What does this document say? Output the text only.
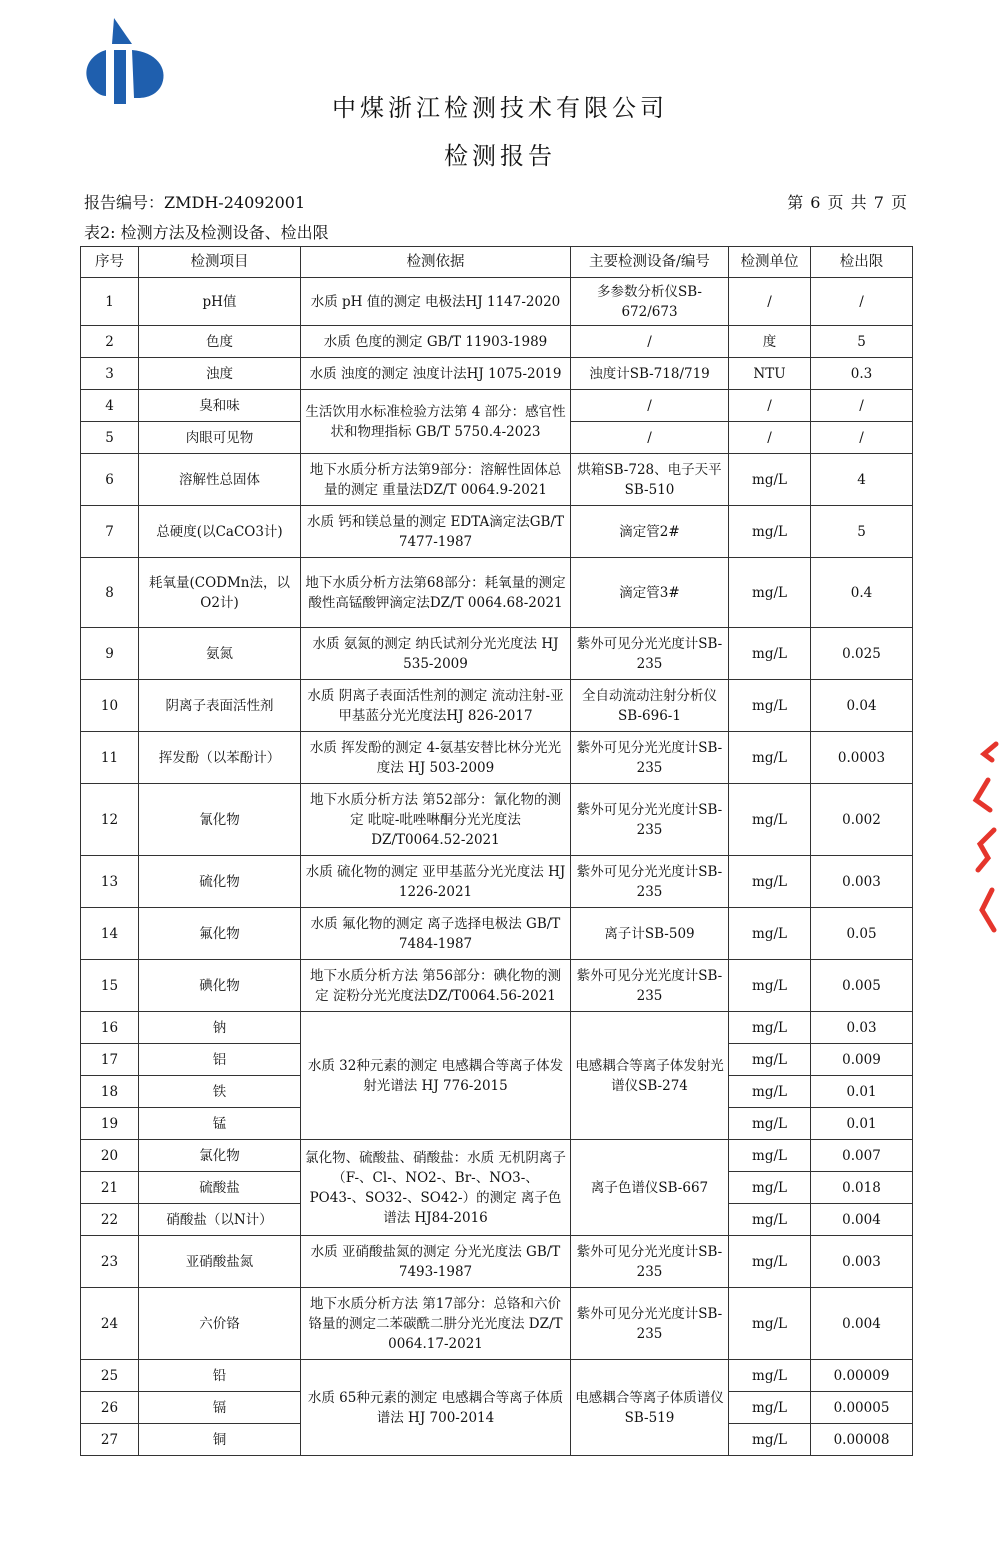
中煤浙江检测技术有限公司
检测报告
报告编号：ZMDH-24092001	第 6 页 共 7 页
表2: 检测方法及检测设备、检出限
序号	检测项目	检测依据	主要检测设备/编号	检测单位	检出限
1	pH值	水质 pH 值的测定 电极法HJ 1147-2020	多参数分析仪SB-672/673	/	/
2	色度	水质 色度的测定 GB/T 11903-1989	/	度	5
3	浊度	水质 浊度的测定 浊度计法HJ 1075-2019	浊度计SB-718/719	NTU	0.3
4	臭和味	生活饮用水标准检验方法第 4 部分：感官性状和物理指标 GB/T 5750.4-2023	/	/	/
5	肉眼可见物		/	/	/
6	溶解性总固体	地下水质分析方法第9部分：溶解性固体总量的测定 重量法DZ/T 0064.9-2021	烘箱SB-728、电子天平SB-510	mg/L	4
7	总硬度(以CaCO3计)	水质 钙和镁总量的测定 EDTA滴定法GB/T 7477-1987	滴定管2#	mg/L	5
8	耗氧量(CODMn法，以O2计)	地下水质分析方法第68部分：耗氧量的测定酸性高锰酸钾滴定法DZ/T 0064.68-2021	滴定管3#	mg/L	0.4
9	氨氮	水质 氨氮的测定 纳氏试剂分光光度法 HJ 535-2009	紫外可见分光光度计SB-235	mg/L	0.025
10	阴离子表面活性剂	水质 阴离子表面活性剂的测定 流动注射-亚甲基蓝分光光度法HJ 826-2017	全自动流动注射分析仪SB-696-1	mg/L	0.04
11	挥发酚（以苯酚计）	水质 挥发酚的测定 4-氨基安替比林分光光度法 HJ 503-2009	紫外可见分光光度计SB-235	mg/L	0.0003
12	氰化物	地下水质分析方法 第52部分：氰化物的测定 吡啶-吡唑啉酮分光光度法 DZ/T0064.52-2021	紫外可见分光光度计SB-235	mg/L	0.002
13	硫化物	水质 硫化物的测定 亚甲基蓝分光光度法 HJ 1226-2021	紫外可见分光光度计SB-235	mg/L	0.003
14	氟化物	水质 氟化物的测定 离子选择电极法 GB/T 7484-1987	离子计SB-509	mg/L	0.05
15	碘化物	地下水质分析方法 第56部分：碘化物的测定 淀粉分光光度法DZ/T0064.56-2021	紫外可见分光光度计SB-235	mg/L	0.005
16	钠	水质 32种元素的测定 电感耦合等离子体发射光谱法 HJ 776-2015	电感耦合等离子体发射光谱仪SB-274	mg/L	0.03
17	铝			mg/L	0.009
18	铁			mg/L	0.01
19	锰			mg/L	0.01
20	氯化物	氯化物、硫酸盐、硝酸盐：水质 无机阴离子（F-、Cl-、NO2-、Br-、NO3-、PO43-、SO32-、SO42-）的测定 离子色谱法 HJ84-2016	离子色谱仪SB-667	mg/L	0.007
21	硫酸盐			mg/L	0.018
22	硝酸盐（以N计）			mg/L	0.004
23	亚硝酸盐氮	水质 亚硝酸盐氮的测定 分光光度法 GB/T 7493-1987	紫外可见分光光度计SB-235	mg/L	0.003
24	六价铬	地下水质分析方法 第17部分：总铬和六价铬量的测定二苯碳酰二肼分光光度法 DZ/T 0064.17-2021	紫外可见分光光度计SB-235	mg/L	0.004
25	铅	水质 65种元素的测定 电感耦合等离子体质谱法 HJ 700-2014	电感耦合等离子体质谱仪SB-519	mg/L	0.00009
26	镉			mg/L	0.00005
27	铜			mg/L	0.00008
